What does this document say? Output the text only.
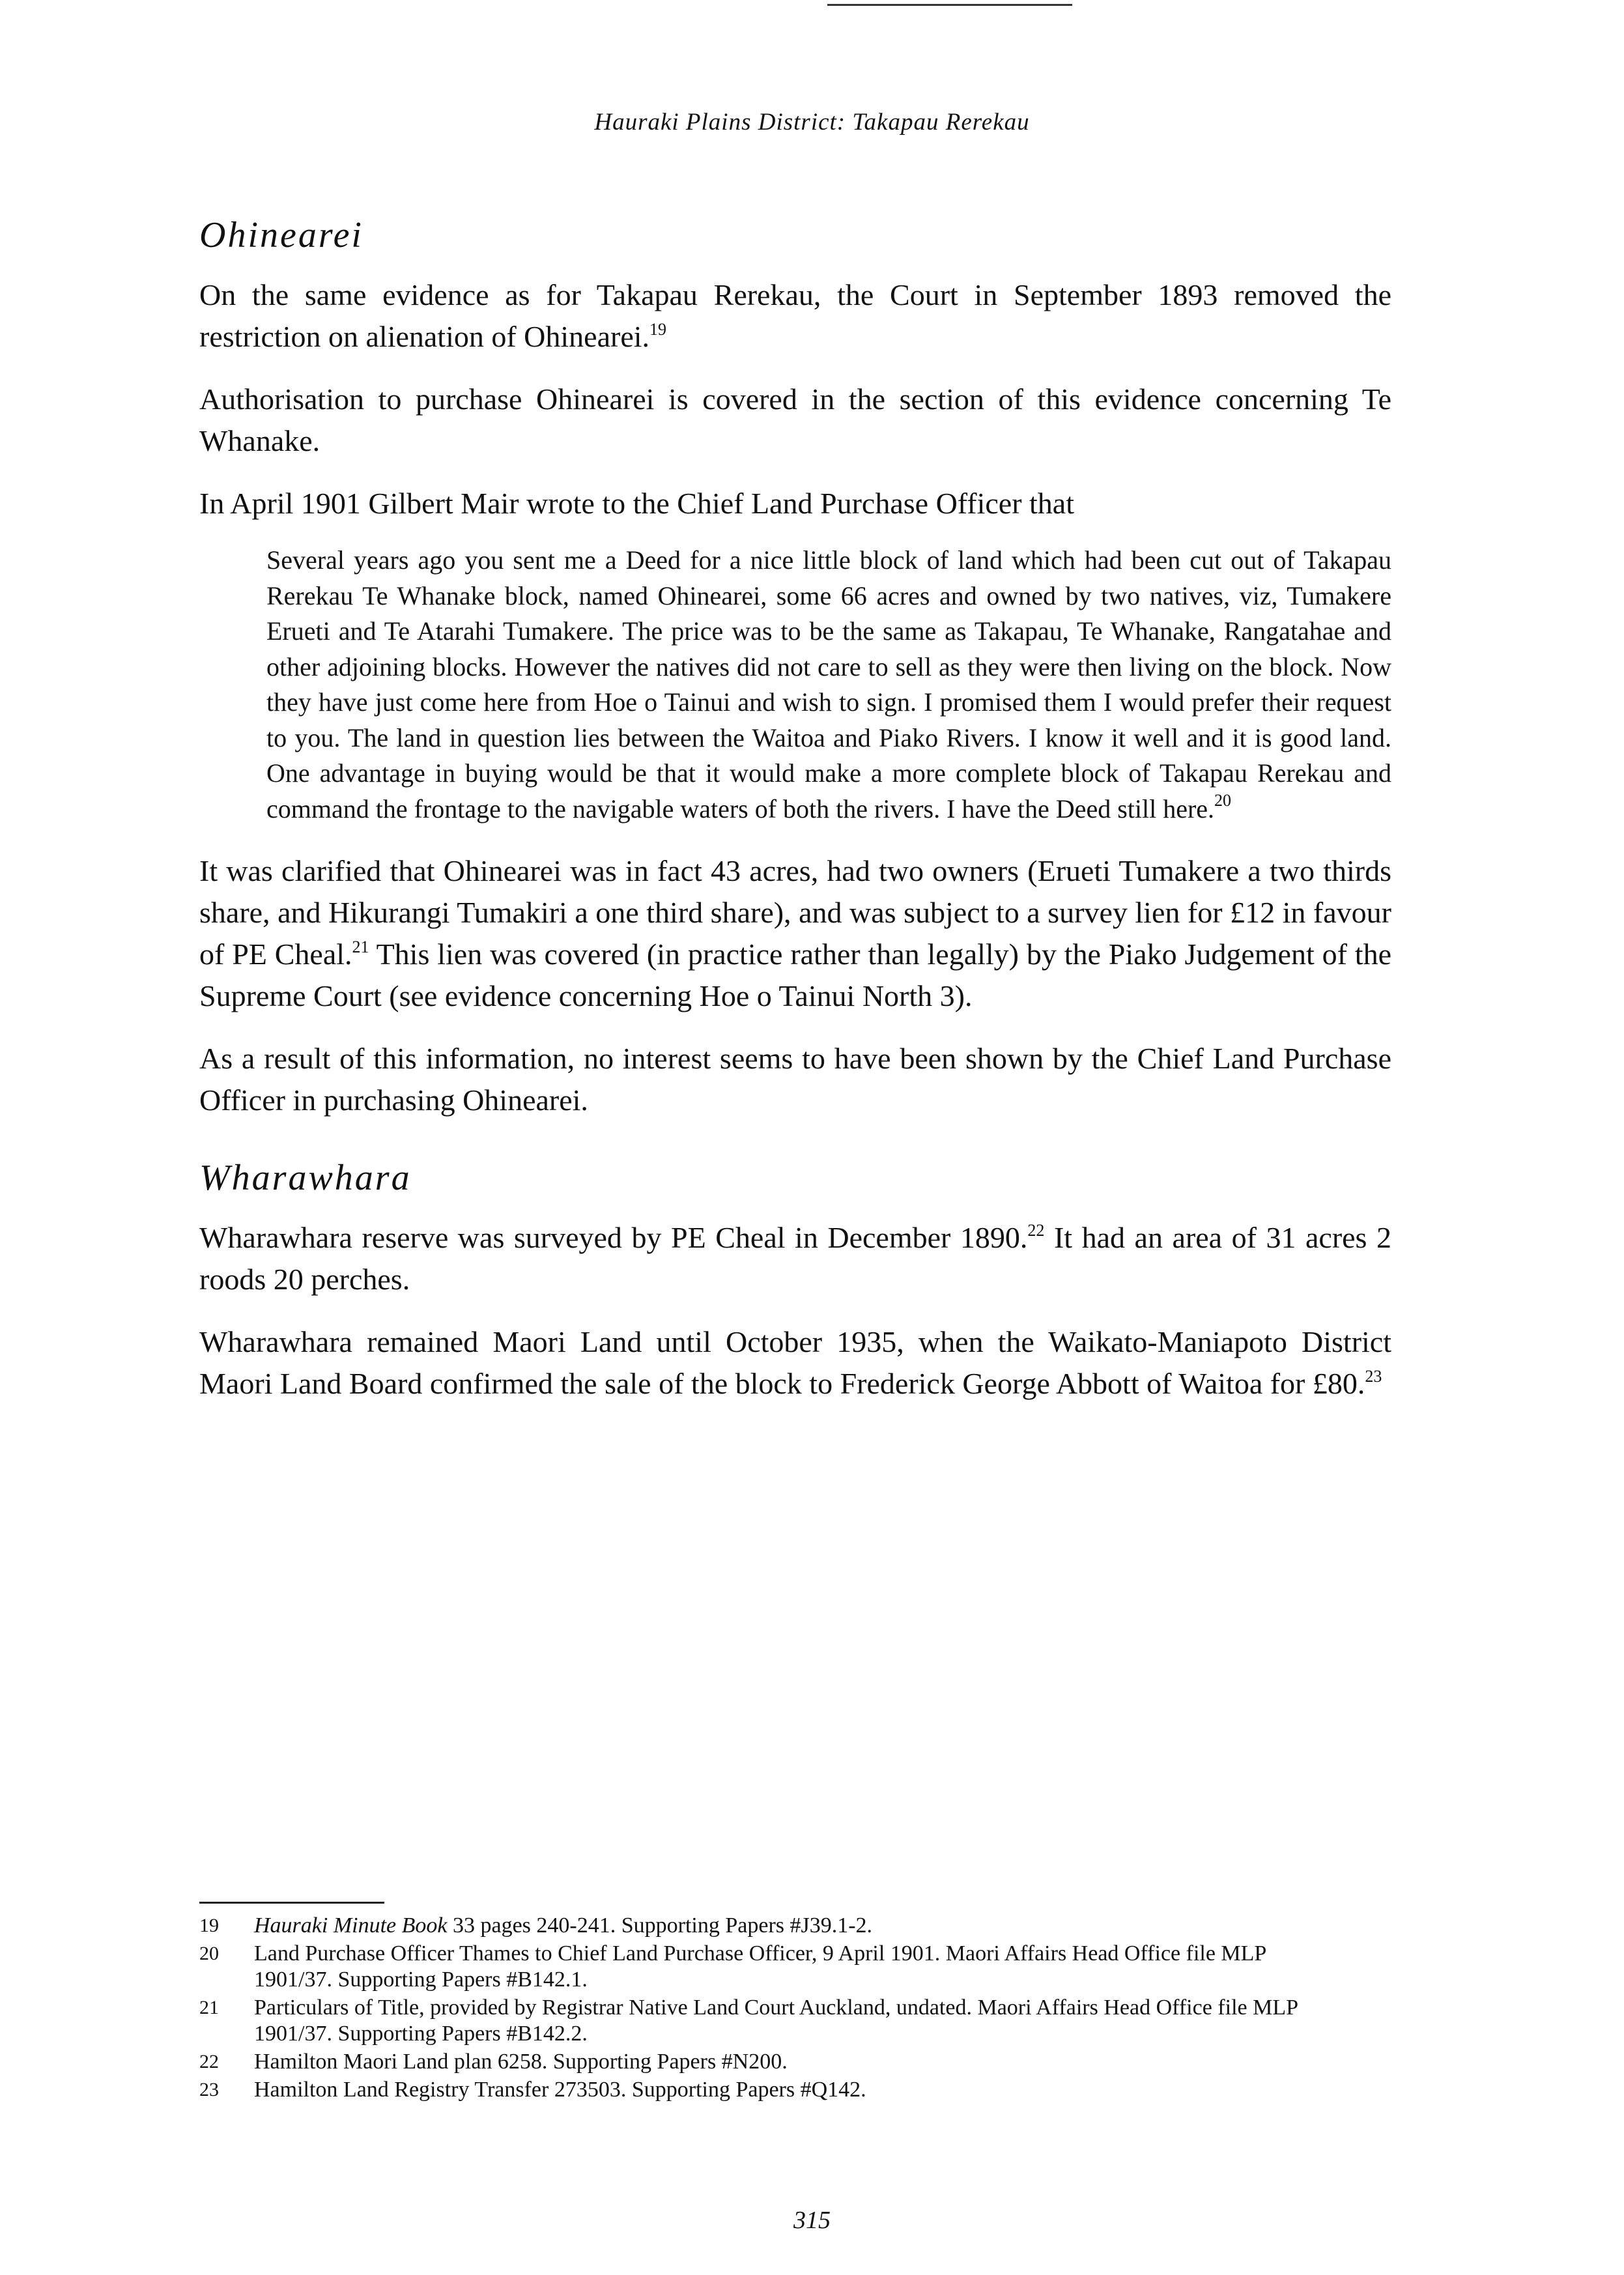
Hauraki Plains District: Takapau Rerekau
Ohinearei

On the same evidence as for Takapau Rerekau, the Court in September 1893 removed the restriction on alienation of Ohinearei.$^{19}$

Authorisation to purchase Ohinearei is covered in the section of this evidence concerning Te Whanake.

In April 1901 Gilbert Mair wrote to the Chief Land Purchase Officer that

Several years ago you sent me a Deed for a nice little block of land which had been cut out of Takapau Rerekau Te Whanake block, named Ohinearei, some 66 acres and owned by two natives, viz, Tumakere Erueti and Te Atarahi Tumakere. The price was to be the same as Takapau, Te Whanake, Rangatahae and other adjoining blocks. However the natives did not care to sell as they were then living on the block. Now they have just come here from Hoe o Tainui and wish to sign. I promised them I would prefer their request to you. The land in question lies between the Waitoa and Piako Rivers. I know it well and it is good land. One advantage in buying would be that it would make a more complete block of Takapau Rerekau and command the frontage to the navigable waters of both the rivers. I have the Deed still here.$^{20}$

It was clarified that Ohinearei was in fact 43 acres, had two owners (Erueti Tumakere a two thirds share, and Hikurangi Tumakiri a one third share), and was subject to a survey lien for £12 in favour of PE Cheal.$^{21}$ This lien was covered (in practice rather than legally) by the Piako Judgement of the Supreme Court (see evidence concerning Hoe o Tainui North 3).

As a result of this information, no interest seems to have been shown by the Chief Land Purchase Officer in purchasing Ohinearei.

Wharawhara

Wharawhara reserve was surveyed by PE Cheal in December 1890.22 It had an area of 31 acres 2 roods 20 perches.

Wharawhara remained Maori Land until October 1935, when the Waikato-Maniapoto District Maori Land Board confirmed the sale of the block to Frederick George Abbott of Waitoa for £80.23

19	Hauraki Minute Book 33 pages 240-241. Supporting Papers #J39.1-2.
20	Land Purchase Officer Thames to Chief Land Purchase Officer, 9 April 1901. Maori Affairs Head Office file MLP 1901/37. Supporting Papers #B142.1.
21	Particulars of Title, provided by Registrar Native Land Court Auckland, undated. Maori Affairs Head Office file MLP 1901/37. Supporting Papers #B142.2.
22	Hamilton Maori Land plan 6258. Supporting Papers #N200.
23	Hamilton Land Registry Transfer 273503. Supporting Papers #Q142.
315
